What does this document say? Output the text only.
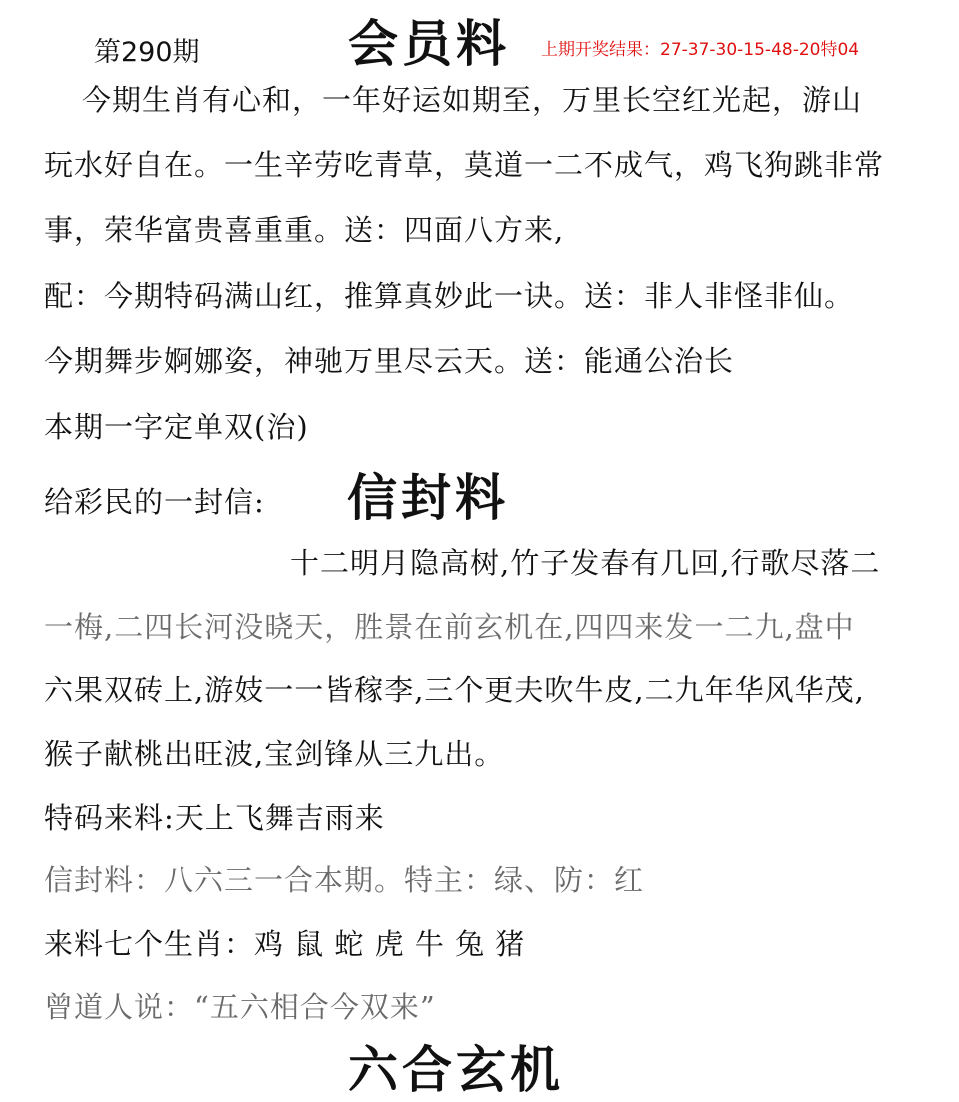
第290期	会员料 上期开奖结果：27-37-30-15-48-20特04
今期生肖有心和，一年好运如期至，万里长空红光起，游山
玩水好自在。一生辛劳吃青草，莫道一二不成气，鸡飞狗跳非常
事，荣华富贵喜重重。送：四面八方来,
配：今期特码满山红，推算真妙此一诀。送：非人非怪非仙。
今期舞步婀娜姿，神驰万里尽云天。送：能通公治长
本期一字定单双(治)
给彩民的一封信: 信封料
十二明月隐高树,竹子发春有几回,行歌尽落二
一梅,二四长河没晓天，胜景在前玄机在,四四来发一二九,盘中
六果双砖上,游妓一一皆稼李,三个更夫吹牛皮,二九年华风华茂,
猴子献桃出旺波,宝剑锋从三九出。
特码来料:天上飞舞吉雨来
信封料：八六三一合本期。特主：绿、防：红
来料七个生肖：鸡 鼠 蛇 虎 牛 兔 猪
曾道人说：“五六相合今双来”
六合玄机
